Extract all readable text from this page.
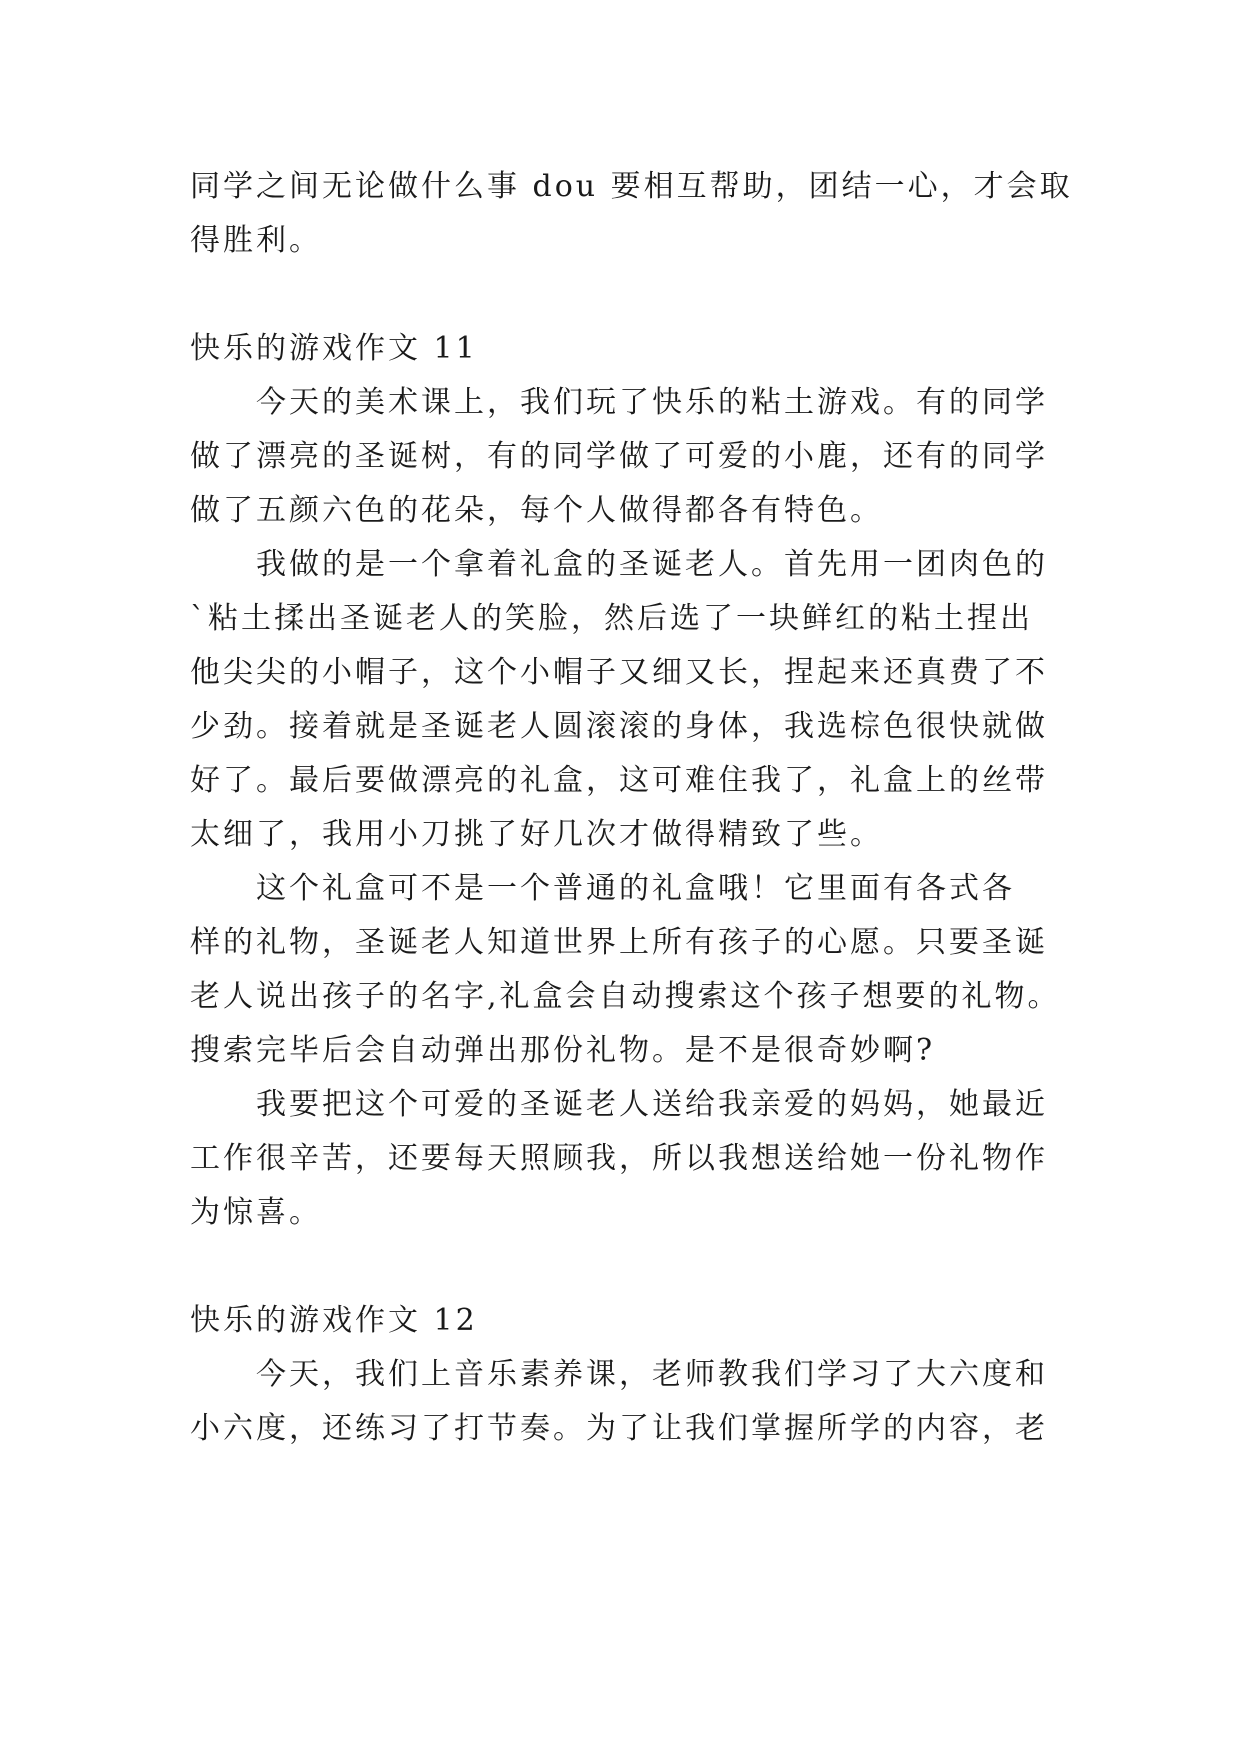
同学之间无论做什么事 dou 要相互帮助，团结一心，才会取
得胜利。
快乐的游戏作文 11
今天的美术课上，我们玩了快乐的粘土游戏。有的同学
做了漂亮的圣诞树，有的同学做了可爱的小鹿，还有的同学
做了五颜六色的花朵，每个人做得都各有特色。
我做的是一个拿着礼盒的圣诞老人。首先用一团肉色的
`粘土揉出圣诞老人的笑脸，然后选了一块鲜红的粘土捏出
他尖尖的小帽子，这个小帽子又细又长，捏起来还真费了不
少劲。接着就是圣诞老人圆滚滚的身体，我选棕色很快就做
好了。最后要做漂亮的礼盒，这可难住我了，礼盒上的丝带
太细了，我用小刀挑了好几次才做得精致了些。
这个礼盒可不是一个普通的礼盒哦！它里面有各式各
样的礼物，圣诞老人知道世界上所有孩子的心愿。只要圣诞
老人说出孩子的名字,礼盒会自动搜索这个孩子想要的礼物。
搜索完毕后会自动弹出那份礼物。是不是很奇妙啊?
我要把这个可爱的圣诞老人送给我亲爱的妈妈，她最近
工作很辛苦，还要每天照顾我，所以我想送给她一份礼物作
为惊喜。
快乐的游戏作文 12
今天，我们上音乐素养课，老师教我们学习了大六度和
小六度，还练习了打节奏。为了让我们掌握所学的内容，老
